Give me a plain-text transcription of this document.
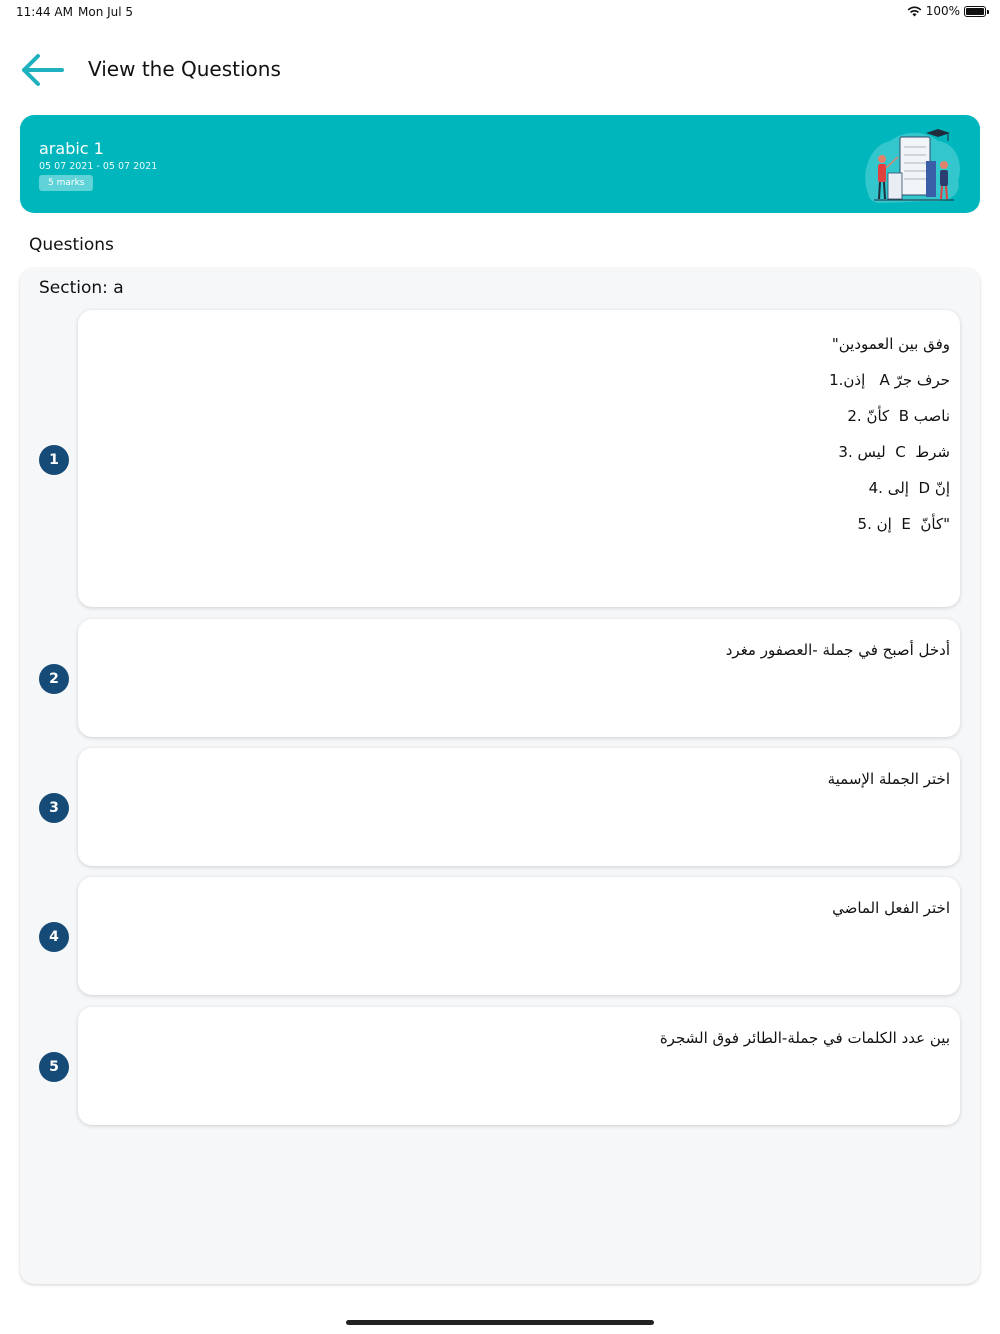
11:44 AM Mon Jul 5	100%
View the Questions
arabic 1
05 07 2021 - 05 07 2021
5 marks
Questions
Section: a
1
وفق بين العمودين"
حرف جرّ A   إذن.1
ناصب B  كأنّ .2
شرط  C  ليس .3
إنّ D  إلى .4
"كأنّ  E  إن .5
2
أدخل أصبح في جملة -العصفور مغرد
3
اختر الجملة الإسمية
4
اختر الفعل الماضي
5
بين عدد الكلمات في جملة-الطائر فوق الشجرة
